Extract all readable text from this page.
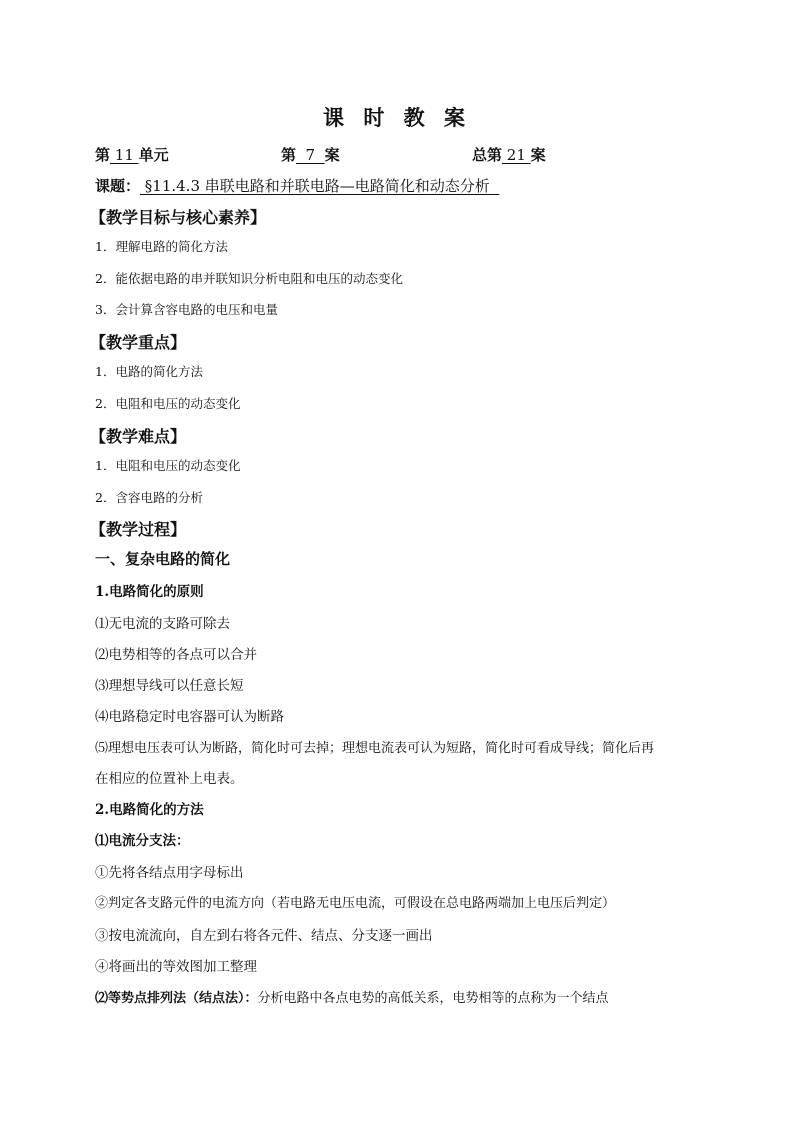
课 时 教 案
第 11 单元	第  7  案	总第 21 案
课题： §11.4.3 串联电路和并联电路—电路简化和动态分析
【教学目标与核心素养】
1．理解电路的简化方法
2．能依据电路的串并联知识分析电阻和电压的动态变化
3．会计算含容电路的电压和电量
【教学重点】
1．电路的简化方法
2．电阻和电压的动态变化
【教学难点】
1．电阻和电压的动态变化
2．含容电路的分析
【教学过程】
一、复杂电路的简化
1.电路简化的原则
⑴无电流的支路可除去
⑵电势相等的各点可以合并
⑶理想导线可以任意长短
⑷电路稳定时电容器可认为断路
⑸理想电压表可认为断路，简化时可去掉；理想电流表可认为短路，简化时可看成导线；简化后再
在相应的位置补上电表。
2.电路简化的方法
⑴电流分支法：
①先将各结点用字母标出
②判定各支路元件的电流方向（若电路无电压电流，可假设在总电路两端加上电压后判定）
③按电流流向，自左到右将各元件、结点、分支逐一画出
④将画出的等效图加工整理
⑵等势点排列法（结点法）：分析电路中各点电势的高低关系，电势相等的点称为一个结点
